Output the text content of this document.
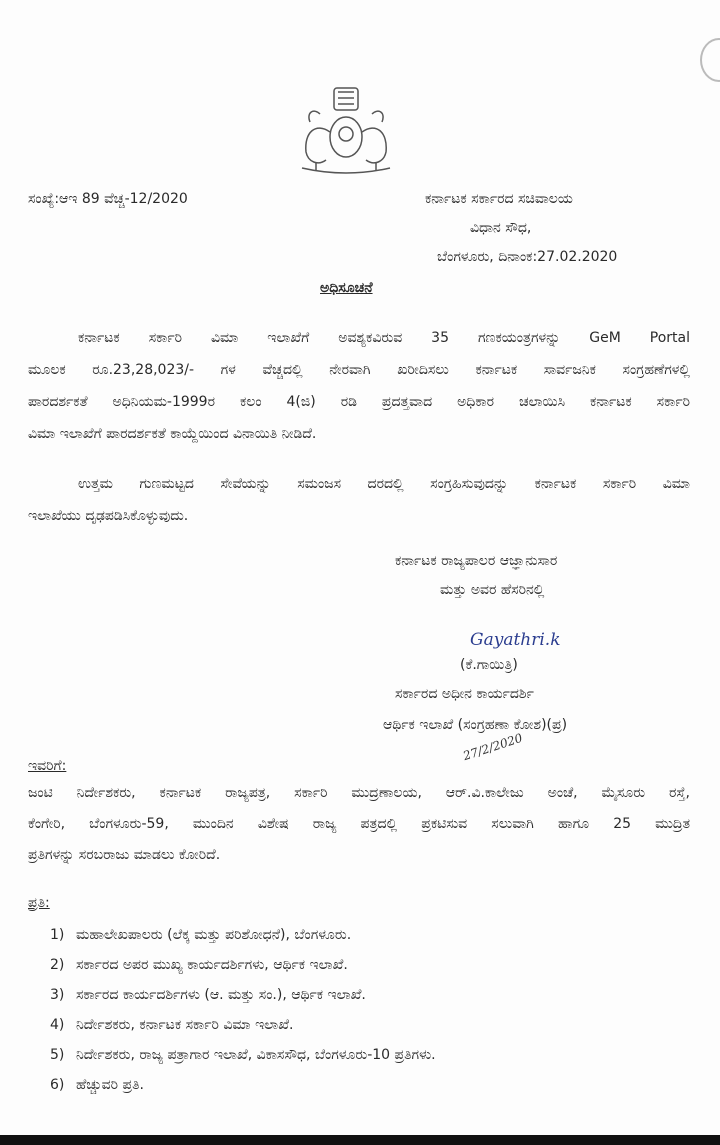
ಸಂಖ್ಯೆ:ಆಇ 89 ವೆಚ್ಚ-12/2020	ಕರ್ನಾಟಕ ಸರ್ಕಾರದ ಸಚಿವಾಲಯ
ವಿಧಾನ ಸೌಧ,
ಬೆಂಗಳೂರು, ದಿನಾಂಕ:27.02.2020
ಅಧಿಸೂಚನೆ
ಕರ್ನಾಟಕ ಸರ್ಕಾರಿ ವಿಮಾ ಇಲಾಖೆಗೆ ಅವಶ್ಯಕವಿರುವ 35 ಗಣಕಯಂತ್ರಗಳನ್ನು GeM Portal
ಮೂಲಕ ರೂ.23,28,023/- ಗಳ ವೆಚ್ಚದಲ್ಲಿ ನೇರವಾಗಿ ಖರೀದಿಸಲು ಕರ್ನಾಟಕ ಸಾರ್ವಜನಿಕ ಸಂಗ್ರಹಣೆಗಳಲ್ಲಿ
ಪಾರದರ್ಶಕತೆ ಅಧಿನಿಯಮ-1999ರ ಕಲಂ 4(ಜಿ) ರಡಿ ಪ್ರದತ್ತವಾದ ಅಧಿಕಾರ ಚಲಾಯಿಸಿ ಕರ್ನಾಟಕ ಸರ್ಕಾರಿ
ವಿಮಾ ಇಲಾಖೆಗೆ ಪಾರದರ್ಶಕತೆ ಕಾಯ್ದೆಯಿಂದ ವಿನಾಯಿತಿ ನೀಡಿದೆ.
ಉತ್ತಮ ಗುಣಮಟ್ಟದ ಸೇವೆಯನ್ನು ಸಮಂಜಸ ದರದಲ್ಲಿ ಸಂಗ್ರಹಿಸುವುದನ್ನು ಕರ್ನಾಟಕ ಸರ್ಕಾರಿ ವಿಮಾ
ಇಲಾಖೆಯು ದೃಢಪಡಿಸಿಕೊಳ್ಳುವುದು.
ಕರ್ನಾಟಕ ರಾಜ್ಯಪಾಲರ ಆಜ್ಞಾನುಸಾರ
ಮತ್ತು ಅವರ ಹೆಸರಿನಲ್ಲಿ
Gayathri.k
(ಕೆ.ಗಾಯಿತ್ರಿ)
ಸರ್ಕಾರದ ಅಧೀನ ಕಾರ್ಯದರ್ಶಿ
ಆರ್ಥಿಕ ಇಲಾಖೆ (ಸಂಗ್ರಹಣಾ ಕೋಶ)(ಪ್ರ)
27/2/2020
ಇವರಿಗೆ:
ಜಂಟಿ ನಿರ್ದೇಶಕರು, ಕರ್ನಾಟಕ ರಾಜ್ಯಪತ್ರ, ಸರ್ಕಾರಿ ಮುದ್ರಣಾಲಯ, ಆರ್.ವಿ.ಕಾಲೇಜು ಅಂಚೆ, ಮೈಸೂರು ರಸ್ತೆ,
ಕೆಂಗೇರಿ, ಬೆಂಗಳೂರು-59, ಮುಂದಿನ ವಿಶೇಷ ರಾಜ್ಯ ಪತ್ರದಲ್ಲಿ ಪ್ರಕಟಿಸುವ ಸಲುವಾಗಿ ಹಾಗೂ 25 ಮುದ್ರಿತ
ಪ್ರತಿಗಳನ್ನು ಸರಬರಾಜು ಮಾಡಲು ಕೋರಿದೆ.
ಪ್ರತಿ:
1) ಮಹಾಲೇಖಪಾಲರು (ಲೆಕ್ಕ ಮತ್ತು ಪರಿಶೋಧನೆ), ಬೆಂಗಳೂರು.
2) ಸರ್ಕಾರದ ಅಪರ ಮುಖ್ಯ ಕಾರ್ಯದರ್ಶಿಗಳು, ಆರ್ಥಿಕ ಇಲಾಖೆ.
3) ಸರ್ಕಾರದ ಕಾರ್ಯದರ್ಶಿಗಳು (ಆ. ಮತ್ತು ಸಂ.), ಆರ್ಥಿಕ ಇಲಾಖೆ.
4) ನಿರ್ದೇಶಕರು, ಕರ್ನಾಟಕ ಸರ್ಕಾರಿ ವಿಮಾ ಇಲಾಖೆ.
5) ನಿರ್ದೇಶಕರು, ರಾಜ್ಯ ಪತ್ರಾಗಾರ ಇಲಾಖೆ, ವಿಕಾಸಸೌಧ, ಬೆಂಗಳೂರು-10 ಪ್ರತಿಗಳು.
6) ಹೆಚ್ಚುವರಿ ಪ್ರತಿ.
